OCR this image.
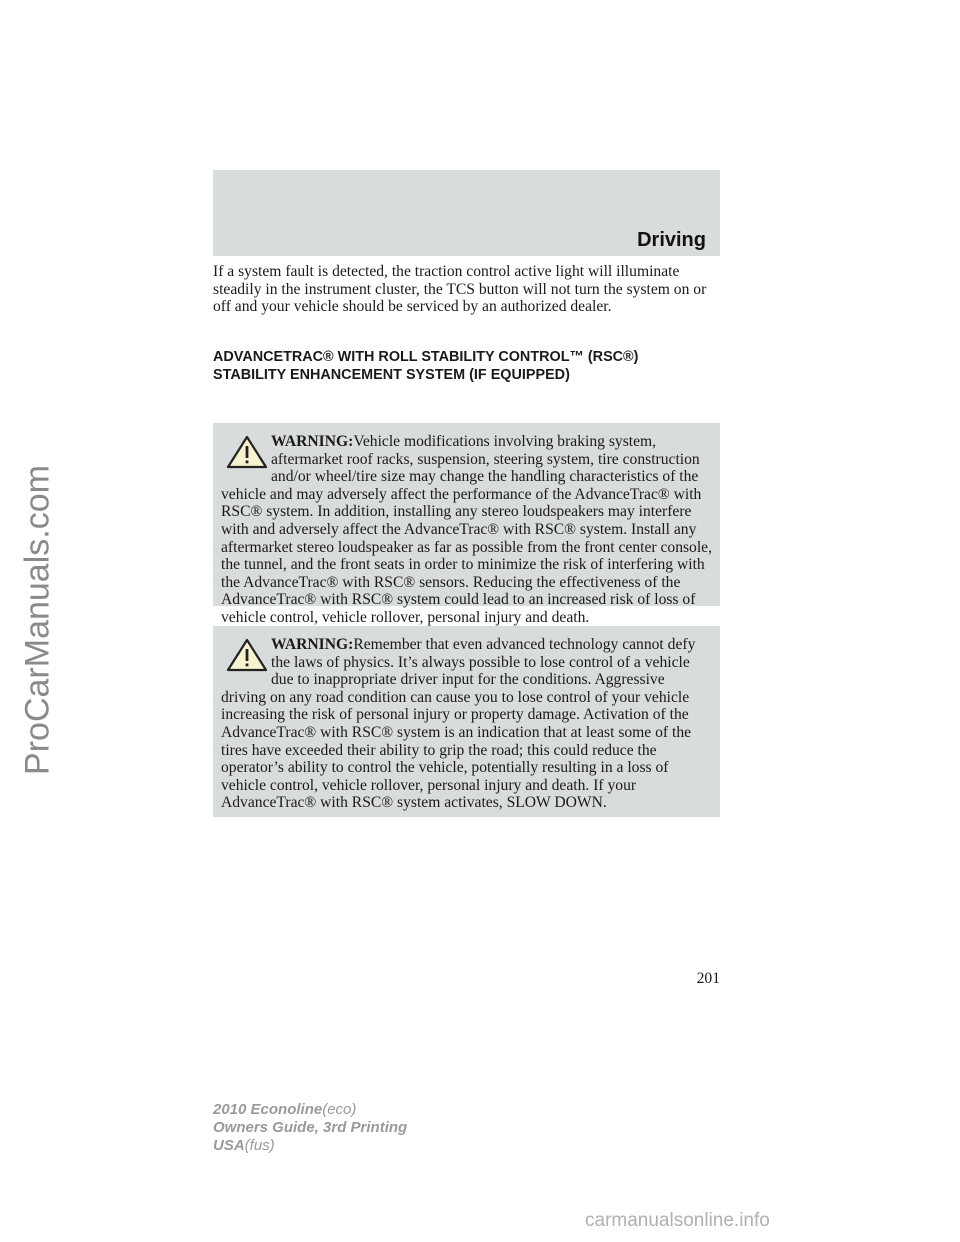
ProCarManuals.com
Driving

If a system fault is detected, the traction control active light will illuminate steadily in the instrument cluster, the TCS button will not turn the system on or off and your vehicle should be serviced by an authorized dealer.

ADVANCETRAC® WITH ROLL STABILITY CONTROL™ (RSC®)
STABILITY ENHANCEMENT SYSTEM (IF EQUIPPED)

WARNING:Vehicle modifications involving braking system, aftermarket roof racks, suspension, steering system, tire construction and/or wheel/tire size may change the handling characteristics of the vehicle and may adversely affect the performance of the AdvanceTrac® with RSC® system. In addition, installing any stereo loudspeakers may interfere with and adversely affect the AdvanceTrac® with RSC® system. Install any aftermarket stereo loudspeaker as far as possible from the front center console, the tunnel, and the front seats in order to minimize the risk of interfering with the AdvanceTrac® with RSC® sensors. Reducing the effectiveness of the AdvanceTrac® with RSC® system could lead to an increased risk of loss of vehicle control, vehicle rollover, personal injury and death.

WARNING:Remember that even advanced technology cannot defy the laws of physics. It’s always possible to lose control of a vehicle due to inappropriate driver input for the conditions. Aggressive driving on any road condition can cause you to lose control of your vehicle increasing the risk of personal injury or property damage. Activation of the AdvanceTrac® with RSC® system is an indication that at least some of the tires have exceeded their ability to grip the road; this could reduce the operator’s ability to control the vehicle, potentially resulting in a loss of vehicle control, vehicle rollover, personal injury and death. If your AdvanceTrac® with RSC® system activates, SLOW DOWN.

201
2010 Econoline(eco)
Owners Guide, 3rd Printing
USA(fus)
carmanualsonline.info
